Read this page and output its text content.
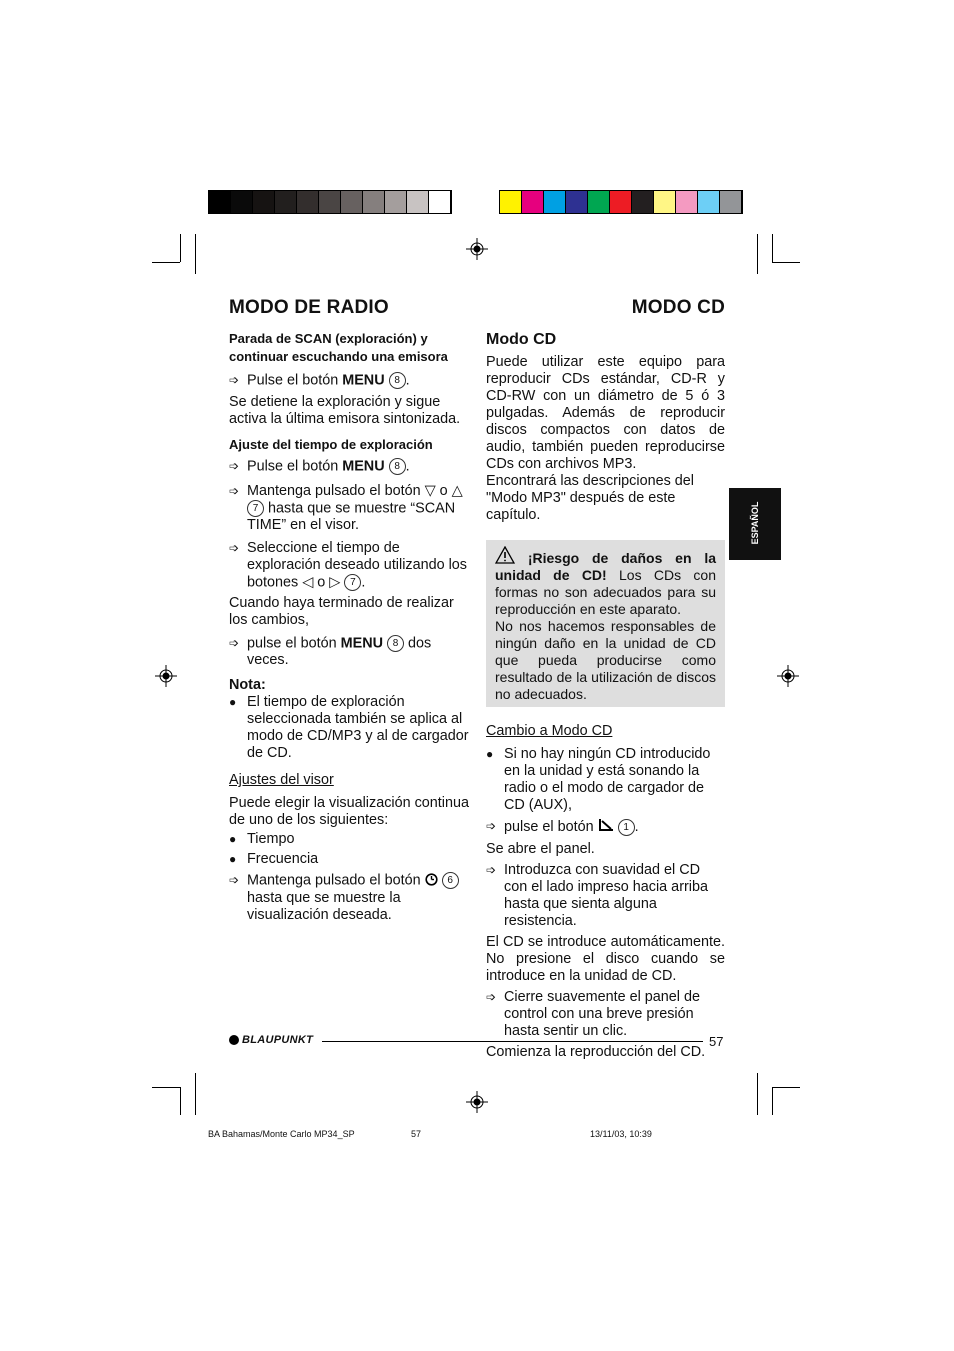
MODO DE RADIO	MODO CD

Parada de SCAN (exploración) y continuar escuchando una emisora

➩ Pulse el botón MENU 8 .

Se detiene la exploración y sigue activa la última emisora sintonizada.

Ajuste del tiempo de exploración

➩ Pulse el botón MENU 8 .
➩ Mantenga pulsado el botón ▽ o △ 7 hasta que se muestre “SCAN TIME” en el visor.
➩ Seleccione el tiempo de exploración deseado utilizando los botones ◁ o ▷ 7 .

Cuando haya terminado de realizar los cambios,

➩ pulse el botón MENU 8 dos veces.

Nota:

● El tiempo de exploración seleccionada también se aplica al modo de CD/MP3 y al de cargador de CD.

Ajustes del visor

Puede elegir la visualización continua de uno de los siguientes:

● Tiempo
● Frecuencia
➩ Mantenga pulsado el botón	6 hasta que se muestre la visualización deseada.

Modo CD

Puede utilizar este equipo para reproducir CDs estándar, CD-R y CD-RW con un diámetro de 5 ó 3 pulgadas. Además de reproducir discos compactos con datos de audio, también pueden reproducirse CDs con archivos MP3.

Encontrará las descripciones del "Modo MP3" después de este capítulo.

¡Riesgo de daños en la unidad de CD! Los CDs con formas no son adecuados para su reproducción en este aparato.

No nos hacemos responsables de ningún daño en la unidad de CD que pueda producirse como resultado de la utilización de discos no adecuados.

Cambio a Modo CD

● Si no hay ningún CD introducido en la unidad y está sonando la radio o el modo de cargador de CD (AUX),
➩ pulse el botón	1 .

Se abre el panel.

➩ Introduzca con suavidad el CD con el lado impreso hacia arriba hasta que sienta alguna resistencia.

El CD se introduce automáticamente. No presione el disco cuando se introduce en la unidad de CD.

➩ Cierre suavemente el panel de control con una breve presión hasta sentir un clic.

Comienza la reproducción del CD.

ESPAÑOL
BLAUPUNKT	57
BA Bahamas/Monte Carlo MP34_SP	57	13/11/03, 10:39
